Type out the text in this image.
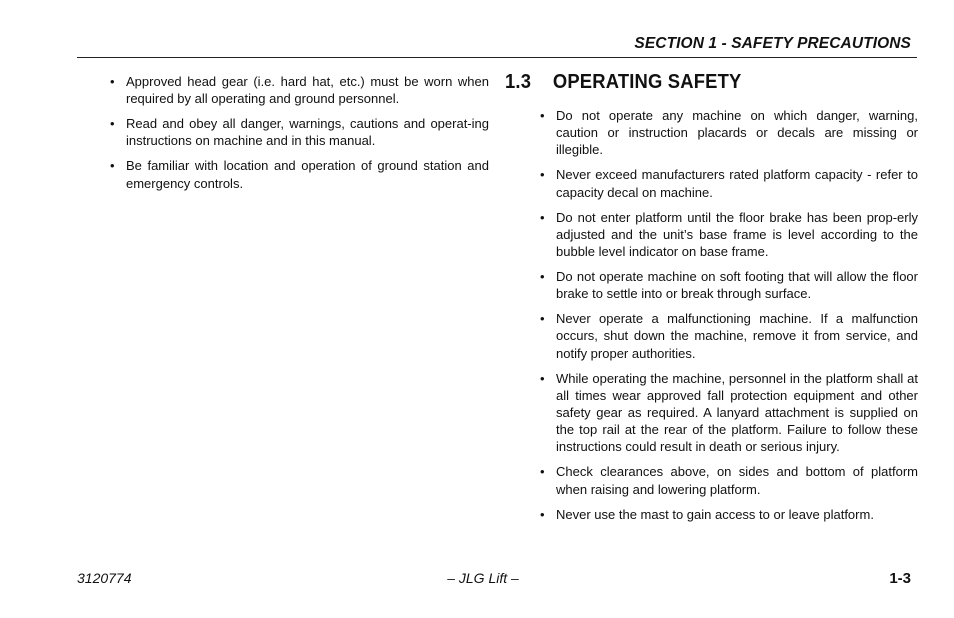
SECTION 1 - SAFETY PRECAUTIONS
• Approved head gear (i.e. hard hat, etc.) must be worn when required by all operating and ground personnel.
• Read and obey all danger, warnings, cautions and operat-ing instructions on machine and in this manual.
• Be familiar with location and operation of ground station and emergency controls.
1.3 OPERATING SAFETY
• Do not operate any machine on which danger, warning, caution or instruction placards or decals are missing or illegible.
• Never exceed manufacturers rated platform capacity - refer to capacity decal on machine.
• Do not enter platform until the floor brake has been prop-erly adjusted and the unit’s base frame is level according to the bubble level indicator on base frame.
• Do not operate machine on soft footing that will allow the floor brake to settle into or break through surface.
• Never operate a malfunctioning machine. If a malfunction occurs, shut down the machine, remove it from service, and notify proper authorities.
• While operating the machine, personnel in the platform shall at all times wear approved fall protection equipment and other safety gear as required. A lanyard attachment is supplied on the top rail at the rear of the platform. Failure to follow these instructions could result in death or serious injury.
• Check clearances above, on sides and bottom of platform when raising and lowering platform.
• Never use the mast to gain access to or leave platform.
3120774	– JLG Lift –	1-3
